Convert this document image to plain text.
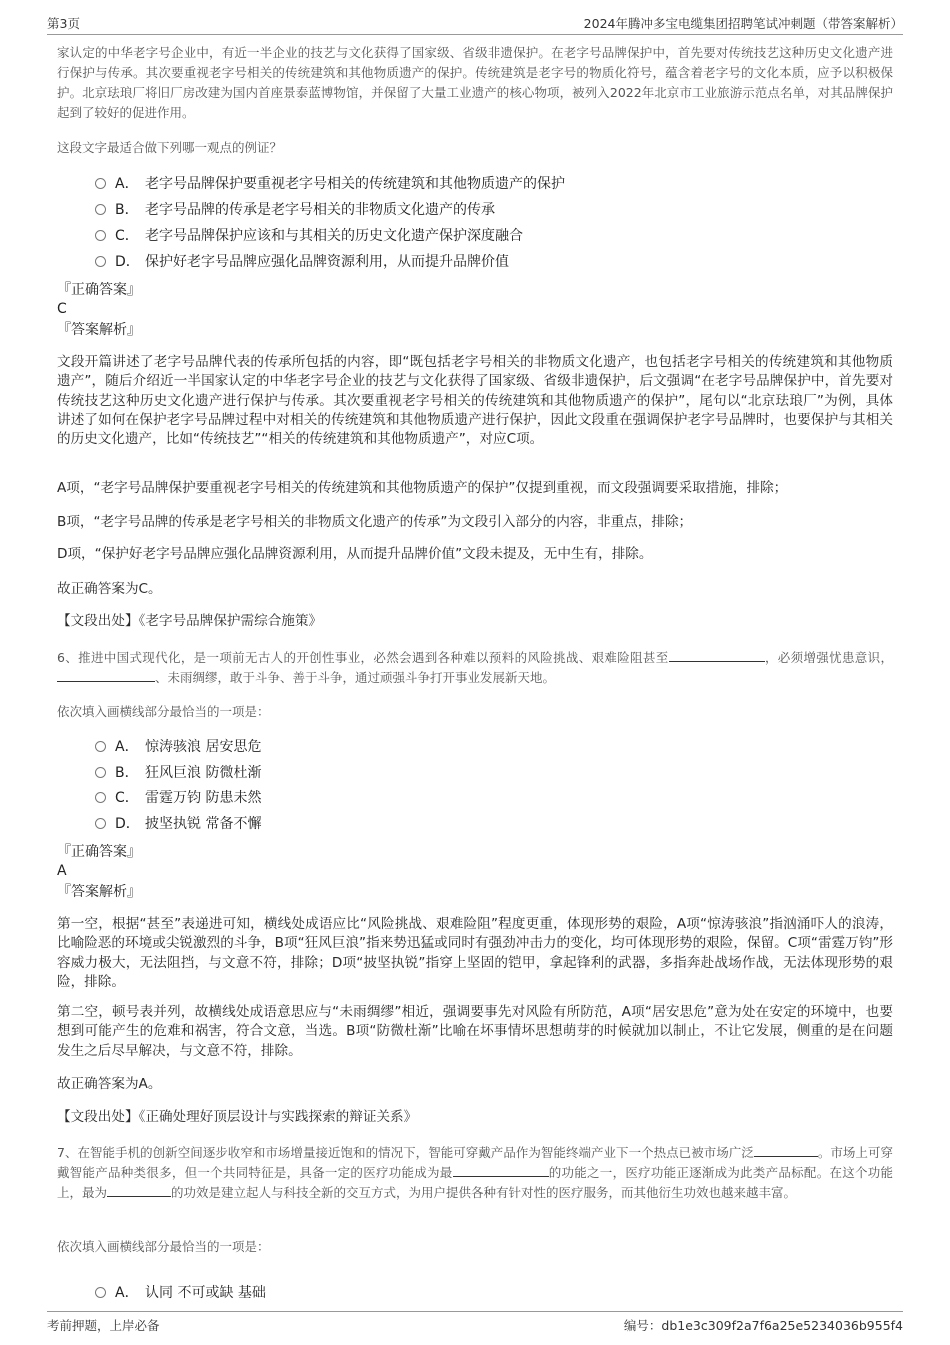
第3页	2024年腾冲多宝电缆集团招聘笔试冲刺题（带答案解析）
家认定的中华老字号企业中，有近一半企业的技艺与文化获得了国家级、省级非遗保护。在老字号品牌保护中，首先要对传统技艺这种历史文化遗产进行保护与传承。其次要重视老字号相关的传统建筑和其他物质遗产的保护。传统建筑是老字号的物质化符号，蕴含着老字号的文化本质，应予以积极保护。北京珐琅厂将旧厂房改建为国内首座景泰蓝博物馆，并保留了大量工业遗产的核心物项，被列入2022年北京市工业旅游示范点名单，对其品牌保护起到了较好的促进作用。
这段文字最适合做下列哪一观点的例证？
A． 老字号品牌保护要重视老字号相关的传统建筑和其他物质遗产的保护
B． 老字号品牌的传承是老字号相关的非物质文化遗产的传承
C． 老字号品牌保护应该和与其相关的历史文化遗产保护深度融合
D． 保护好老字号品牌应强化品牌资源利用，从而提升品牌价值
『正确答案』
C
『答案解析』
文段开篇讲述了老字号品牌代表的传承所包括的内容，即“既包括老字号相关的非物质文化遗产，也包括老字号相关的传统建筑和其他物质遗产”，随后介绍近一半国家认定的中华老字号企业的技艺与文化获得了国家级、省级非遗保护，后文强调“在老字号品牌保护中，首先要对传统技艺这种历史文化遗产进行保护与传承。其次要重视老字号相关的传统建筑和其他物质遗产的保护”，尾句以“北京珐琅厂”为例，具体讲述了如何在保护老字号品牌过程中对相关的传统建筑和其他物质遗产进行保护，因此文段重在强调保护老字号品牌时，也要保护与其相关的历史文化遗产，比如“传统技艺”“相关的传统建筑和其他物质遗产”，对应C项。
A项，“老字号品牌保护要重视老字号相关的传统建筑和其他物质遗产的保护”仅提到重视，而文段强调要采取措施，排除；
B项，“老字号品牌的传承是老字号相关的非物质文化遗产的传承”为文段引入部分的内容，非重点，排除；
D项，“保护好老字号品牌应强化品牌资源利用，从而提升品牌价值”文段未提及，无中生有，排除。
故正确答案为C。
【文段出处】《老字号品牌保护需综合施策》
6、推进中国式现代化，是一项前无古人的开创性事业，必然会遇到各种难以预料的风险挑战、艰难险阻甚至	，必须增强忧患意识，、未雨绸缪，敢于斗争、善于斗争，通过顽强斗争打开事业发展新天地。
依次填入画横线部分最恰当的一项是：
A． 惊涛骇浪 居安思危
B． 狂风巨浪 防微杜渐
C． 雷霆万钧 防患未然
D． 披坚执锐 常备不懈
『正确答案』
A
『答案解析』
第一空，根据“甚至”表递进可知，横线处成语应比“风险挑战、艰难险阻”程度更重，体现形势的艰险，A项“惊涛骇浪”指汹涌吓人的浪涛，比喻险恶的环境或尖锐激烈的斗争，B项“狂风巨浪”指来势迅猛或同时有强劲冲击力的变化，均可体现形势的艰险，保留。C项“雷霆万钧”形容威力极大，无法阻挡，与文意不符，排除；D项“披坚执锐”指穿上坚固的铠甲，拿起锋利的武器，多指奔赴战场作战，无法体现形势的艰险，排除。
第二空，顿号表并列，故横线处成语意思应与“未雨绸缪”相近，强调要事先对风险有所防范，A项“居安思危”意为处在安定的环境中，也要想到可能产生的危难和祸害，符合文意，当选。B项“防微杜渐”比喻在坏事情坏思想萌芽的时候就加以制止，不让它发展，侧重的是在问题发生之后尽早解决，与文意不符，排除。
故正确答案为A。
【文段出处】《正确处理好顶层设计与实践探索的辩证关系》
7、在智能手机的创新空间逐步收窄和市场增量接近饱和的情况下，智能可穿戴产品作为智能终端产业下一个热点已被市场广泛	。市场上可穿戴智能产品种类很多，但一个共同特征是，具备一定的医疗功能成为最	的功能之一，医疗功能正逐渐成为此类产品标配。在这个功能上，最为	的功效是建立起人与科技全新的交互方式，为用户提供各种有针对性的医疗服务，而其他衍生功效也越来越丰富。
依次填入画横线部分最恰当的一项是：
A． 认同 不可或缺 基础
考前押题，上岸必备	编号：db1e3c309f2a7f6a25e5234036b955f4
